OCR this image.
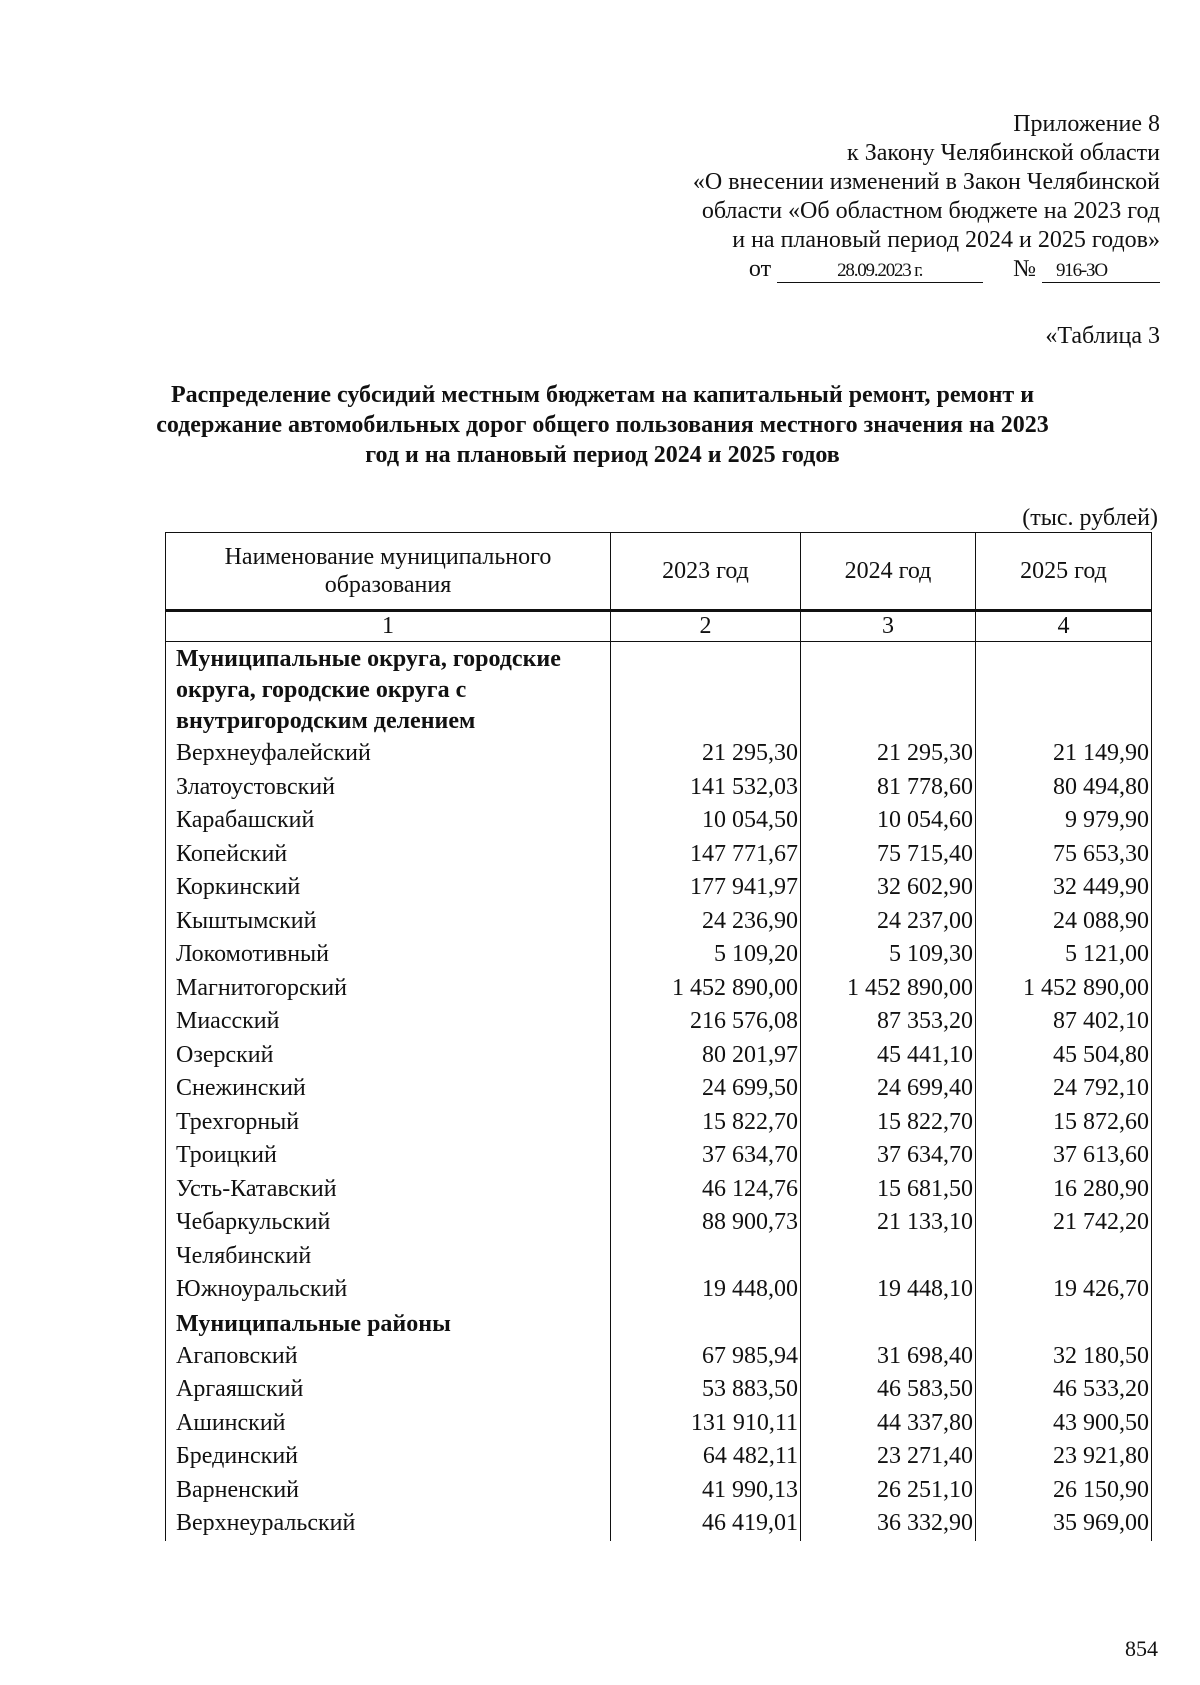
Приложение 8
к Закону Челябинской области
«О внесении изменений в Закон Челябинской
области «Об областном бюджете на 2023 год
и на плановый период 2024 и 2025 годов»
от	28.09.2023 г.	№ 916-ЗО
«Таблица 3
Распределение субсидий местным бюджетам на капитальный ремонт, ремонт и содержание автомобильных дорог общего пользования местного значения на 2023 год и на плановый период 2024 и 2025 годов
(тыс. рублей)
Наименование муниципального образования	2023 год	2024 год	2025 год
1	2	3	4
Муниципальные округа, городские округа, городские округа с внутригородским делением			
Верхнеуфалейский	21 295,30	21 295,30	21 149,90
Златоустовский	141 532,03	81 778,60	80 494,80
Карабашский	10 054,50	10 054,60	9 979,90
Копейский	147 771,67	75 715,40	75 653,30
Коркинский	177 941,97	32 602,90	32 449,90
Кыштымский	24 236,90	24 237,00	24 088,90
Локомотивный	5 109,20	5 109,30	5 121,00
Магнитогорский	1 452 890,00	1 452 890,00	1 452 890,00
Миасский	216 576,08	87 353,20	87 402,10
Озерский	80 201,97	45 441,10	45 504,80
Снежинский	24 699,50	24 699,40	24 792,10
Трехгорный	15 822,70	15 822,70	15 872,60
Троицкий	37 634,70	37 634,70	37 613,60
Усть-Катавский	46 124,76	15 681,50	16 280,90
Чебаркульский	88 900,73	21 133,10	21 742,20
Челябинский			
Южноуральский	19 448,00	19 448,10	19 426,70
Муниципальные районы			
Агаповский	67 985,94	31 698,40	32 180,50
Аргаяшский	53 883,50	46 583,50	46 533,20
Ашинский	131 910,11	44 337,80	43 900,50
Брединский	64 482,11	23 271,40	23 921,80
Варненский	41 990,13	26 251,10	26 150,90
Верхнеуральский	46 419,01	36 332,90	35 969,00
854
